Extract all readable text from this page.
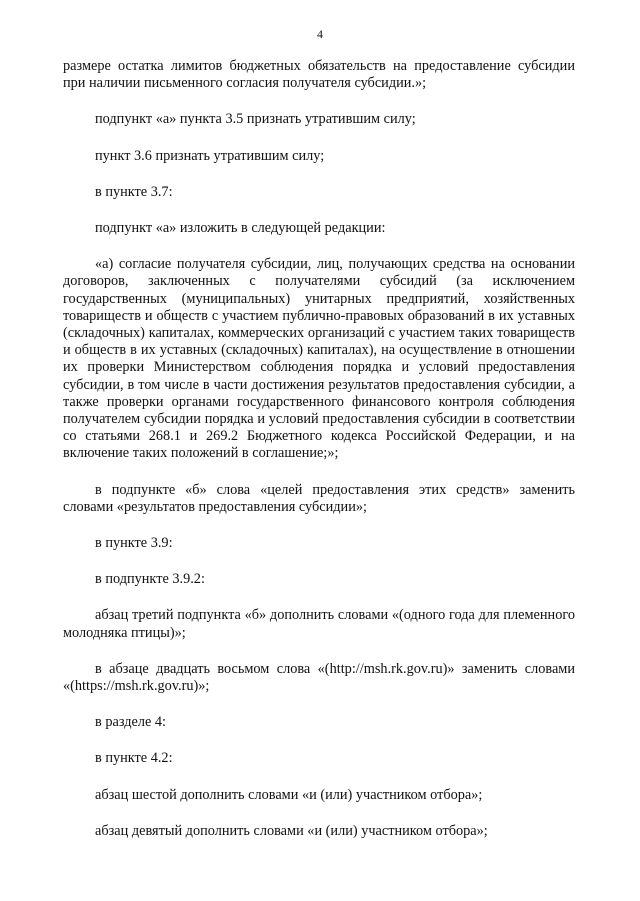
4

размере остатка лимитов бюджетных обязательств на предоставление субсидии при наличии письменного согласия получателя субсидии.»;

подпункт «а» пункта 3.5 признать утратившим силу;

пункт 3.6 признать утратившим силу;

в пункте 3.7:

подпункт «а» изложить в следующей редакции:

«а) согласие получателя субсидии, лиц, получающих средства на основании договоров, заключенных с получателями субсидий (за исключением государственных (муниципальных) унитарных предприятий, хозяйственных товариществ и обществ с участием публично-правовых образований в их уставных (складочных) капиталах, коммерческих организаций с участием таких товариществ и обществ в их уставных (складочных) капиталах), на осуществление в отношении их проверки Министерством соблюдения порядка и условий предоставления субсидии, в том числе в части достижения результатов предоставления субсидии, а также проверки органами государственного финансового контроля соблюдения получателем субсидии порядка и условий предоставления субсидии в соответствии со статьями 268.1 и 269.2 Бюджетного кодекса Российской Федерации, и на включение таких положений в соглашение;»;

в подпункте «б» слова «целей предоставления этих средств» заменить словами «результатов предоставления субсидии»;

в пункте 3.9:

в подпункте 3.9.2:

абзац третий подпункта «б» дополнить словами «(одного года для племенного молодняка птицы)»;

в абзаце двадцать восьмом слова «(http://msh.rk.gov.ru)» заменить словами «(https://msh.rk.gov.ru)»;

в разделе 4:

в пункте 4.2:

абзац шестой дополнить словами «и (или) участником отбора»;

абзац девятый дополнить словами «и (или) участником отбора»;
